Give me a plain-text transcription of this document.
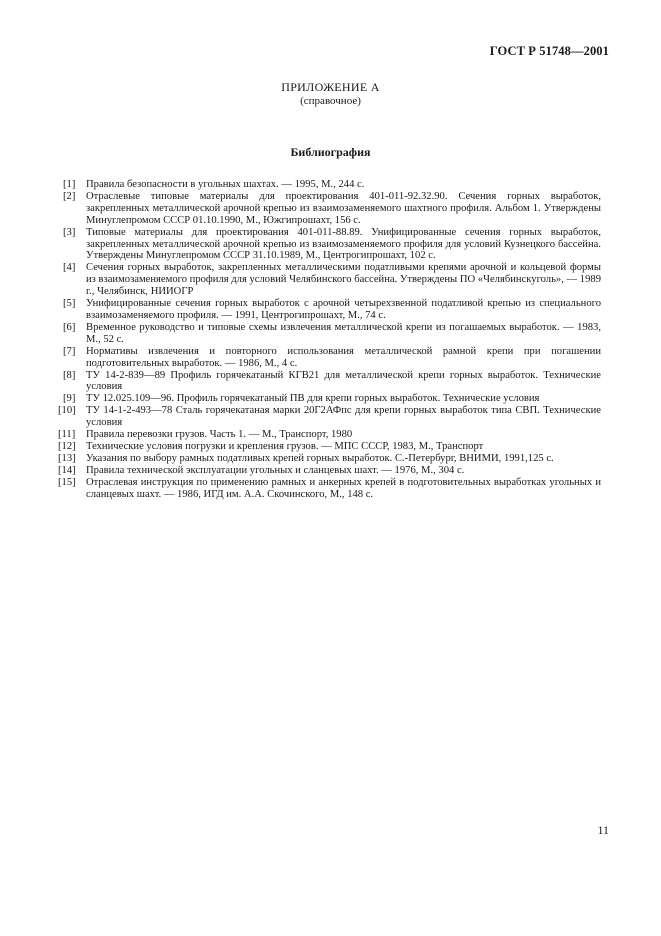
ГОСТ Р 51748—2001
ПРИЛОЖЕНИЕ А
(справочное)
Библиография
[1] Правила безопасности в угольных шахтах. — 1995, М., 244 с.
[2] Отраслевые типовые материалы для проектирования 401-011-92.32.90. Сечения горных выработок, закрепленных металлической арочной крепью из взаимозаменяемого шахтного профиля. Альбом 1. Утверждены Минуглепромом СССР 01.10.1990, М., Южгипрошахт, 156 с.
[3] Типовые материалы для проектирования 401-011-88.89. Унифицированные сечения горных выработок, закрепленных металлической арочной крепью из взаимозаменяемого профиля для условий Кузнецкого бассейна. Утверждены Минуглепромом СССР 31.10.1989, М., Центрогипрошахт, 102 с.
[4] Сечения горных выработок, закрепленных металлическими податливыми крепями арочной и кольцевой формы из взаимозаменяемого профиля для условий Челябинского бассейна. Утверждены ПО «Челябинскуголь», — 1989 г., Челябинск, НИИОГР
[5] Унифицированные сечения горных выработок с арочной четырехзвенной податливой крепью из специального взаимозаменяемого профиля. — 1991, Центрогипрошахт, М., 74 с.
[6] Временное руководство и типовые схемы извлечения металлической крепи из погашаемых выработок. — 1983, М., 52 с.
[7] Нормативы извлечения и повторного использования металлической рамной крепи при погашении подготовительных выработок. — 1986, М., 4 с.
[8] ТУ 14-2-839—89 Профиль горячекатаный КГВ21 для металлической крепи горных выработок. Технические условия
[9] ТУ 12.025.109—96. Профиль горячекатаный ПВ для крепи горных выработок. Технические условия
[10] ТУ 14-1-2-493—78 Сталь горячекатаная марки 20Г2АФпс для крепи горных выработок типа СВП. Технические условия
[11] Правила перевозки грузов. Часть 1. — М., Транспорт, 1980
[12] Технические условия погрузки и крепления грузов. — МПС СССР, 1983, М., Транспорт
[13] Указания по выбору рамных податливых крепей горных выработок. С.-Петербург, ВНИМИ, 1991,125 с.
[14] Правила технической эксплуатации угольных и сланцевых шахт. — 1976, М., 304 с.
[15] Отраслевая инструкция по применению рамных и анкерных крепей в подготовительных выработках угольных и сланцевых шахт. — 1986, ИГД им. А.А. Скочинского, М., 148 с.
11
